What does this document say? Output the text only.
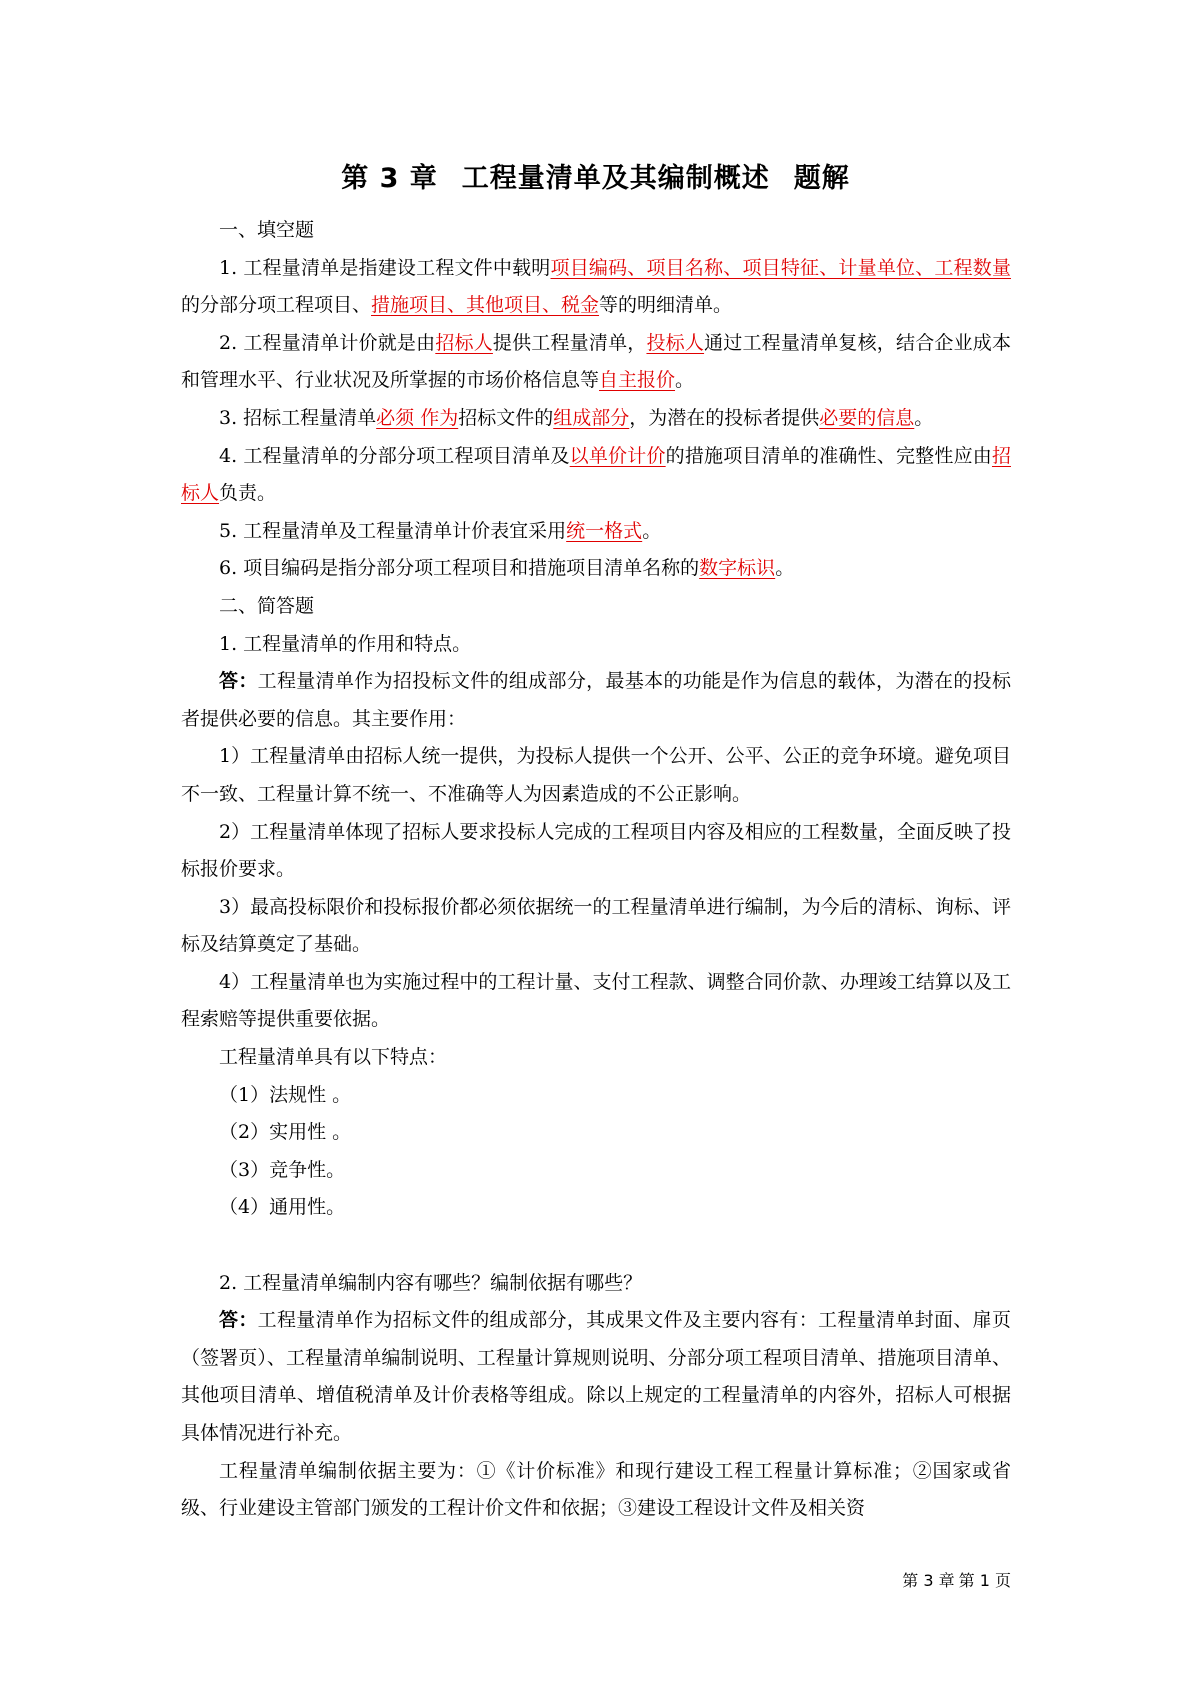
第 3 章 工程量清单及其编制概述 题解

一、填空题

1. 工程量清单是指建设工程文件中载明项目编码、项目名称、项目特征、计量单位、工程数量的分部分项工程项目、措施项目、其他项目、税金等的明细清单。

2. 工程量清单计价就是由招标人提供工程量清单，投标人通过工程量清单复核，结合企业成本和管理水平、行业状况及所掌握的市场价格信息等自主报价。

3. 招标工程量清单必须 作为招标文件的组成部分，为潜在的投标者提供必要的信息。

4. 工程量清单的分部分项工程项目清单及以单价计价的措施项目清单的准确性、完整性应由招标人负责。

5. 工程量清单及工程量清单计价表宜采用统一格式。

6. 项目编码是指分部分项工程项目和措施项目清单名称的数字标识。

二、简答题

1. 工程量清单的作用和特点。

答：工程量清单作为招投标文件的组成部分，最基本的功能是作为信息的载体，为潜在的投标者提供必要的信息。其主要作用：

1）工程量清单由招标人统一提供，为投标人提供一个公开、公平、公正的竞争环境。避免项目不一致、工程量计算不统一、不准确等人为因素造成的不公正影响。

2）工程量清单体现了招标人要求投标人完成的工程项目内容及相应的工程数量，全面反映了投标报价要求。

3）最高投标限价和投标报价都必须依据统一的工程量清单进行编制，为今后的清标、询标、评标及结算奠定了基础。

4）工程量清单也为实施过程中的工程计量、支付工程款、调整合同价款、办理竣工结算以及工程索赔等提供重要依据。

工程量清单具有以下特点：

（1）法规性 。

（2）实用性 。

（3）竞争性。

（4）通用性。

2. 工程量清单编制内容有哪些？编制依据有哪些？

答：工程量清单作为招标文件的组成部分，其成果文件及主要内容有：工程量清单封面、扉页（签署页）、工程量清单编制说明、工程量计算规则说明、分部分项工程项目清单、措施项目清单、其他项目清单、增值税清单及计价表格等组成。除以上规定的工程量清单的内容外，招标人可根据具体情况进行补充。

工程量清单编制依据主要为：①《计价标准》和现行建设工程工程量计算标准；②国家或省级、行业建设主管部门颁发的工程计价文件和依据；③建设工程设计文件及相关资

第 3 章 第 1 页
